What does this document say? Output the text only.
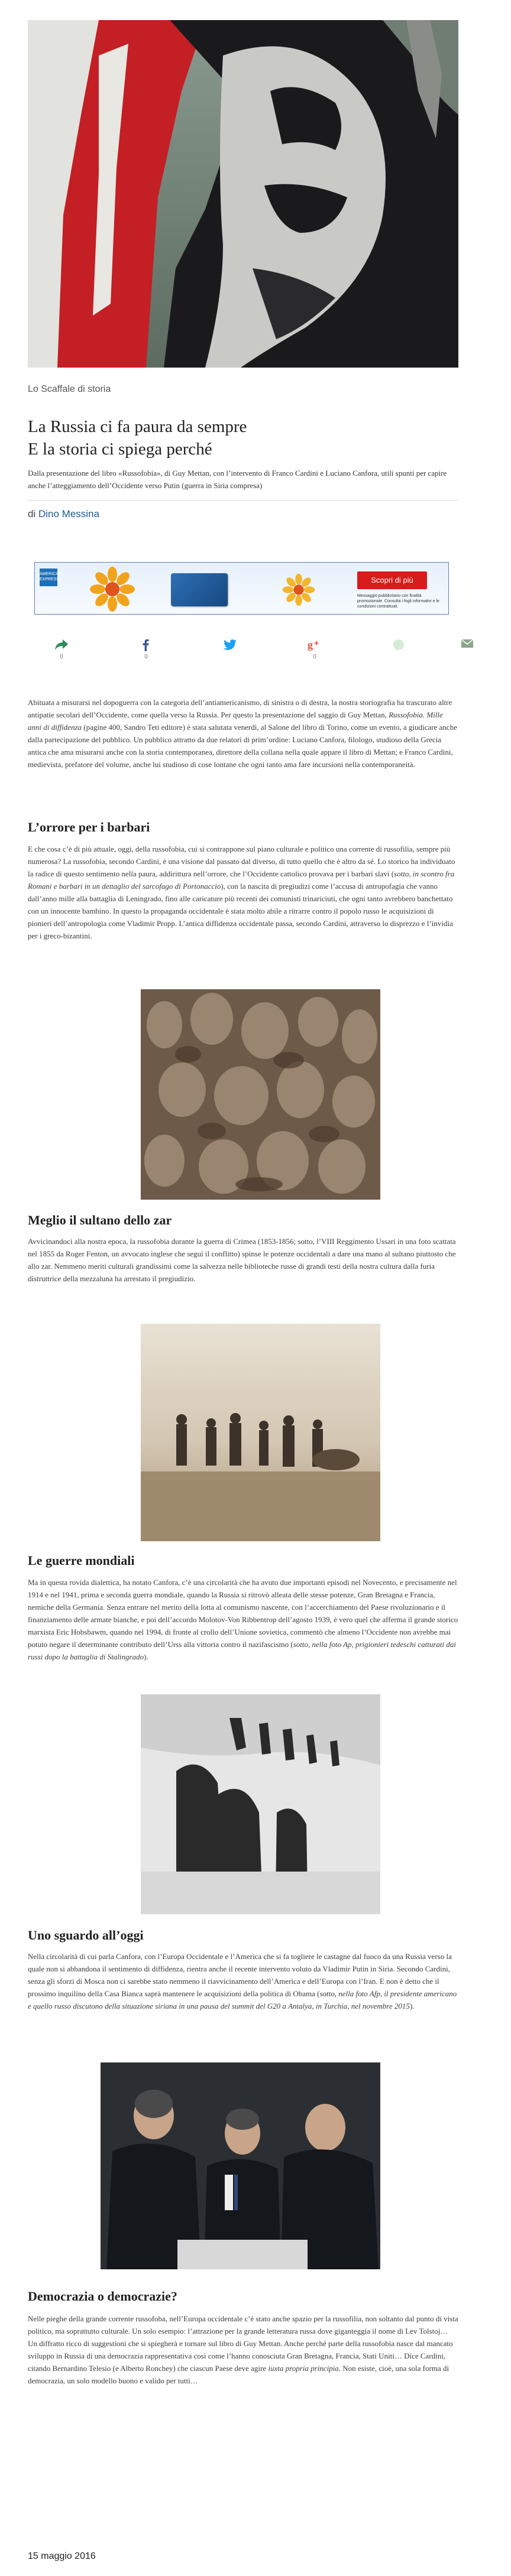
Lo Scaffale di storia
La Russia ci fa paura da sempre
E la storia ci spiega perché

Dalla presentazione del libro «Russofobia», di Guy Mettan, con l’intervento di Franco Cardini e Luciano Canfora, utili spunti per capire anche l’atteggiamento dell’Occidente verso Putin (guerra in Siria compresa)

di Dino Messina
AMERICAN EXPRESS	Scopri di più
Messaggio pubblicitario con finalità promozionale. Consulta i fogli informativi e le condizioni contrattuali.
0	0
g +
0

Abituata a misurarsi nel dopoguerra con la categoria dell’antiamericanismo, di sinistra o di destra, la nostra storiografia ha trascurato altre antipatie secolari dell’Occidente, come quella verso la Russia. Per questo la presentazione del saggio di Guy Mettan, Russofobia. Mille anni di diffidenza (pagine 400, Sandro Teti editore) è stata salutata venerdì, al Salone del libro di Torino, come un evento, a giudicare anche dalla partecipazione del pubblico. Un pubblico attratto da due relatori di prim’ordine: Luciano Canfora, filologo, studioso della Grecia antica che ama misurarsi anche con la storia contemporanea, direttore della collana nella quale appare il libro di Mettan; e Franco Cardini, medievista, prefatore del volume, anche lui studioso di cose lontane che ogni tanto ama fare incursioni nella contemporaneità.

L’orrore per i barbari

E che cosa c’è di più attuale, oggi, della russofobia, cui si contrappone sul piano culturale e politico una corrente di russofilia, sempre più numerosa? La russofobia, secondo Cardini, è una visione dal passato dal diverso, di tutto quello che è altro da sé. Lo storico ha individuato la radice di questo sentimento nella paura, addirittura nell’orrore, che l’Occidente cattolico provava per i barbari slavi (sotto, in scontro fra Romani e barbari in un dettaglio del sarcofago di Portonaccio), con la nascita di pregiudizi come l’accusa di antropofagia che vanno dall’anno mille alla battaglia di Leningrado, fino alle caricature più recenti dei comunisti trinariciuti, che ogni tanto avrebbero banchettato con un innocente bambino. In questo la propaganda occidentale è stata molto abile a ritrarre contro il popolo russo le acquisizioni di pionieri dell’antropologia come Vladimir Propp. L’antica diffidenza occidentale passa, secondo Cardini, attraverso lo disprezzo e l’invidia per i greco-bizantini.

Meglio il sultano dello zar

Avvicinandoci alla nostra epoca, la russofobia durante la guerra di Crimea (1853-1856; sotto, l’VIII Reggimento Ussari in una foto scattata nel 1855 da Roger Fenton, un avvocato inglese che seguì il conflitto) spinse le potenze occidentali a dare una mano al sultano piuttosto che allo zar. Nemmeno meriti culturali grandissimi come la salvezza nelle biblioteche russe di grandi testi della nostra cultura dalla furia distruttrice della mezzaluna ha arrestato il pregiudizio.

Le guerre mondiali

Ma in questa rovida dialettica, ha notato Canfora, c’è una circolarità che ha avuto due importanti episodi nel Novecento, e precisamente nel 1914 e nel 1941, prima e seconda guerra mondiale, quando la Russia si ritrovò alleata delle stesse potenze, Gran Bretagna e Francia, nemiche della Germania. Senza entrare nel merito della lotta al comunismo nascente, con l’accerchiamento del Paese rivoluzionario e il finanziamento delle armate bianche, e poi dell’accordo Molotov-Von Ribbentrop dell’agosto 1939, è vero quel che afferma il grande storico marxista Eric Hobsbawm, quando nel 1994, di fronte al crollo dell’Unione sovietica, commentò che almeno l’Occidente non avrebbe mai potuto negare il determinante contributo dell’Urss alla vittoria contro il nazifascismo (sotto, nella foto Ap, prigionieri tedeschi catturati dai russi dopo la battaglia di Stalingrado).

Uno sguardo all’oggi

Nella circolarità di cui parla Canfora, con l’Europa Occidentale e l’America che si fa togliere le castagne dal fuoco da una Russia verso la quale non si abbandona il sentimento di diffidenza, rientra anche il recente intervento voluto da Vladimir Putin in Siria. Secondo Cardini, senza gli sforzi di Mosca non ci sarebbe stato nemmeno il riavvicinamento dell’America e dell’Europa con l’Iran. E non è detto che il prossimo inquilino della Casa Bianca saprà mantenere le acquisizioni della politica di Obama (sotto, nella foto Afp, il presidente americano e quello russo discutono della situazione siriana in una pausa del summit del G20 a Antalya, in Turchia, nel novembre 2015).

Democrazia o democrazie?

Nelle pieghe della grande corrente russofoba, nell’Europa occidentale c’è stato anche spazio per la russofilia, non soltanto dal punto di vista politico, ma soprattutto culturale. Un solo esempio: l’attrazione per la grande letteratura russa dove giganteggia il nome di Lev Tolstoj… Un diffratto ricco di suggestioni che si spiegherà e tornare sul libro di Guy Mettan. Anche perché parte della russofobia nasce dal mancato sviluppo in Russia di una democrazia rappresentativa così come l’hanno conosciuta Gran Bretagna, Francia, Stati Uniti… Dice Cardini, citando Bernardino Telesio (e Alberto Ronchey) che ciascun Paese deve agire iuxta propria principia. Non esiste, cioè, una sola forma di democrazia, un solo modello buono e valido per tutti…

15 maggio 2016
